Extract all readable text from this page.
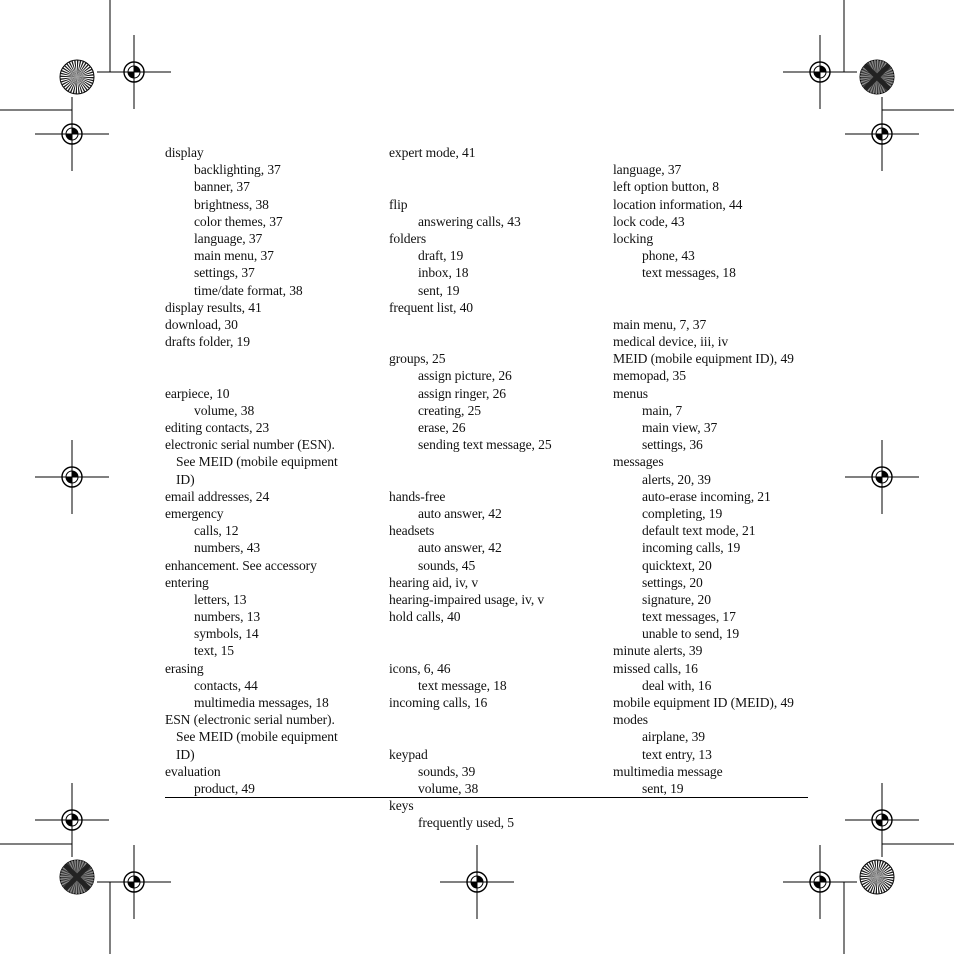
display
backlighting, 37
banner, 37
brightness, 38
color themes, 37
language, 37
main menu, 37
settings, 37
time/date format, 38
display results, 41
download, 30
drafts folder, 19
earpiece, 10
volume, 38
editing contacts, 23
electronic serial number (ESN).
See MEID (mobile equipment
ID)
email addresses, 24
emergency
calls, 12
numbers, 43
enhancement. See accessory
entering
letters, 13
numbers, 13
symbols, 14
text, 15
erasing
contacts, 44
multimedia messages, 18
ESN (electronic serial number).
See MEID (mobile equipment
ID)
evaluation
product, 49
expert mode, 41
flip
answering calls, 43
folders
draft, 19
inbox, 18
sent, 19
frequent list, 40
groups, 25
assign picture, 26
assign ringer, 26
creating, 25
erase, 26
sending text message, 25
hands-free
auto answer, 42
headsets
auto answer, 42
sounds, 45
hearing aid, iv, v
hearing-impaired usage, iv, v
hold calls, 40
icons, 6, 46
text message, 18
incoming calls, 16
keypad
sounds, 39
volume, 38
keys
frequently used, 5
language, 37
left option button, 8
location information, 44
lock code, 43
locking
phone, 43
text messages, 18
main menu, 7, 37
medical device, iii, iv
MEID (mobile equipment ID), 49
memopad, 35
menus
main, 7
main view, 37
settings, 36
messages
alerts, 20, 39
auto-erase incoming, 21
completing, 19
default text mode, 21
incoming calls, 19
quicktext, 20
settings, 20
signature, 20
text messages, 17
unable to send, 19
minute alerts, 39
missed calls, 16
deal with, 16
mobile equipment ID (MEID), 49
modes
airplane, 39
text entry, 13
multimedia message
sent, 19
